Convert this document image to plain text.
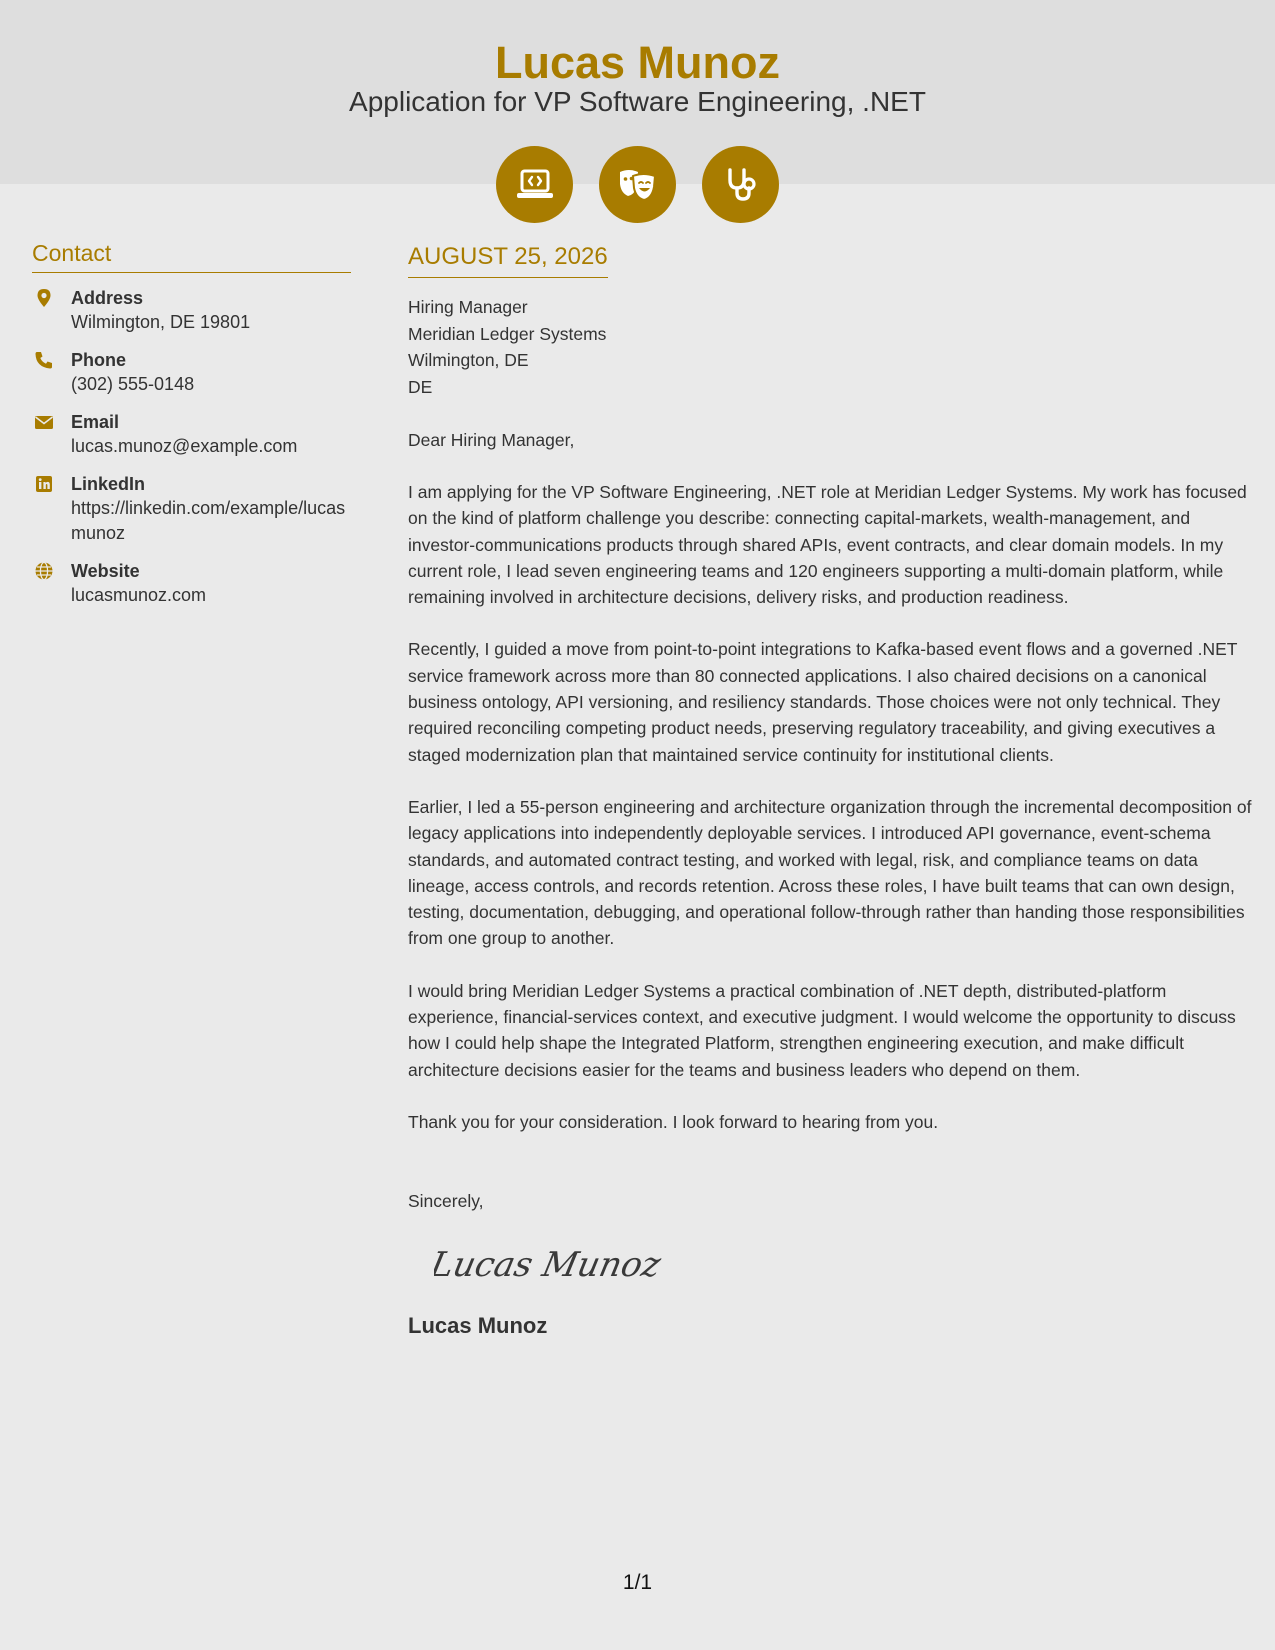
Lucas Munoz
Application for VP Software Engineering, .NET
Contact
Address
Wilmington, DE 19801
Phone
(302) 555-0148
Email
lucas.munoz@example.com
LinkedIn
https://linkedin.com/example/lucasmunoz
Website
lucasmunoz.com
AUGUST 25, 2026
Hiring Manager
Meridian Ledger Systems
Wilmington, DE
DE
Dear Hiring Manager,
I am applying for the VP Software Engineering, .NET role at Meridian Ledger Systems. My work has focused on the kind of platform challenge you describe: connecting capital-markets, wealth-management, and investor-communications products through shared APIs, event contracts, and clear domain models. In my current role, I lead seven engineering teams and 120 engineers supporting a multi-domain platform, while remaining involved in architecture decisions, delivery risks, and production readiness.
Recently, I guided a move from point-to-point integrations to Kafka-based event flows and a governed .NET service framework across more than 80 connected applications. I also chaired decisions on a canonical business ontology, API versioning, and resiliency standards. Those choices were not only technical. They required reconciling competing product needs, preserving regulatory traceability, and giving executives a staged modernization plan that maintained service continuity for institutional clients.
Earlier, I led a 55-person engineering and architecture organization through the incremental decomposition of legacy applications into independently deployable services. I introduced API governance, event-schema standards, and automated contract testing, and worked with legal, risk, and compliance teams on data lineage, access controls, and records retention. Across these roles, I have built teams that can own design, testing, documentation, debugging, and operational follow-through rather than handing those responsibilities from one group to another.
I would bring Meridian Ledger Systems a practical combination of .NET depth, distributed-platform experience, financial-services context, and executive judgment. I would welcome the opportunity to discuss how I could help shape the Integrated Platform, strengthen engineering execution, and make difficult architecture decisions easier for the teams and business leaders who depend on them.
Thank you for your consideration. I look forward to hearing from you.
Sincerely,
Lucas Munoz
Lucas Munoz
1/1
